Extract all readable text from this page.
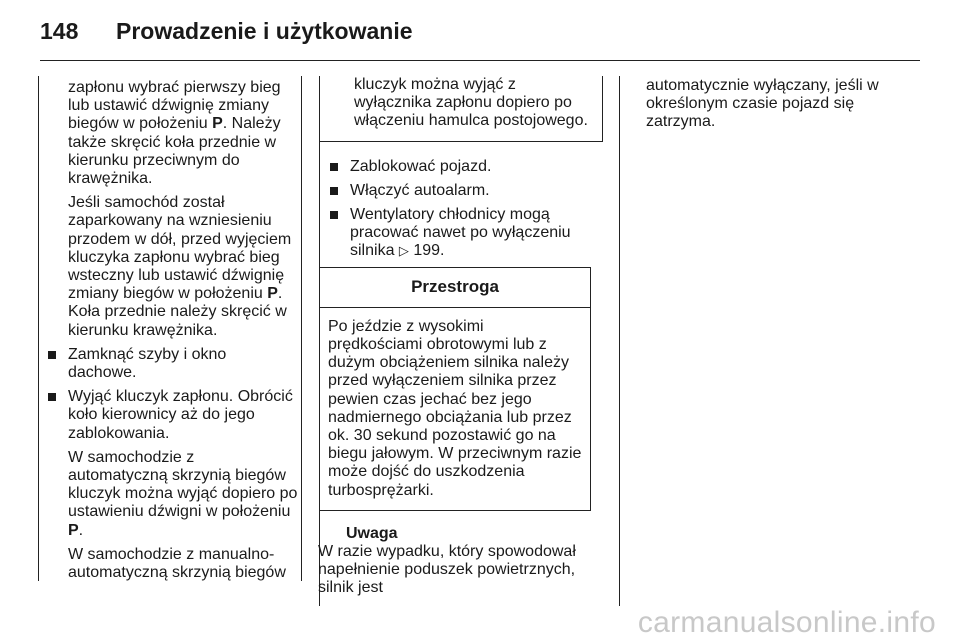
148 Prowadzenie i użytkowanie

zapłonu wybrać pierwszy bieg lub ustawić dźwignię zmiany biegów w położeniu P. Należy także skręcić koła przednie w kierunku przeciwnym do krawężnika.

Jeśli samochód został zaparkowany na wzniesieniu przodem w dół, przed wyjęciem kluczyka zapłonu wybrać bieg wsteczny lub ustawić dźwignię zmiany biegów w położeniu P. Koła przednie należy skręcić w kierunku krawężnika.

Zamknąć szyby i okno dachowe.
Wyjąć kluczyk zapłonu. Obrócić koło kierownicy aż do jego zablokowania.

W samochodzie z automatyczną skrzynią biegów kluczyk można wyjąć dopiero po ustawieniu dźwigni w położeniu P.

W samochodzie z manualno-automatyczną skrzynią biegów

kluczyk można wyjąć z wyłącznika zapłonu dopiero po włączeniu hamulca postojowego.
Zablokować pojazd.
Włączyć autoalarm.
Wentylatory chłodnicy mogą pracować nawet po wyłączeniu silnika ▷ 199.
Przestroga
Po jeździe z wysokimi prędkościami obrotowymi lub z dużym obciążeniem silnika należy przed wyłączeniem silnika przez pewien czas jechać bez jego nadmiernego obciążania lub przez ok. 30 sekund pozostawić go na biegu jałowym. W przeciwnym razie może dojść do uszkodzenia turbosprężarki.
Uwaga
W razie wypadku, który spowodował napełnienie poduszek powietrznych, silnik jest

automatycznie wyłączany, jeśli w określonym czasie pojazd się zatrzyma.

carmanualsonline.info
